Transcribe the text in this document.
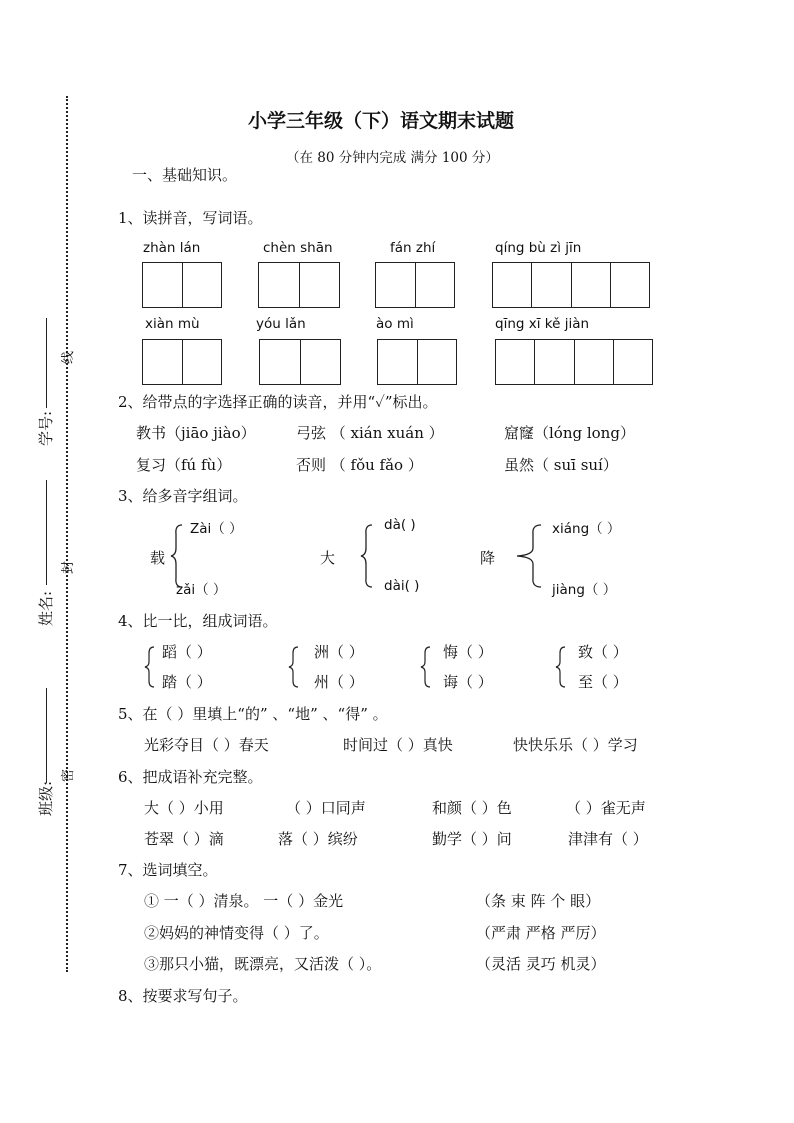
学号:
姓名:
班级:
线
封
密
小学三年级（下）语文期末试题
（在 80 分钟内完成 满分 100 分）
一、基础知识。
1、读拼音，写词语。
zhàn lán	chèn shān	fán zhí	qíng bù zì jīn
xiàn mù	yóu lǎn	ào mì	qīng xī kě jiàn
2、给带点的字选择正确的读音，并用“✓”标出。
教书（jiāo jiào）	弓弦 （ xián xuán ）	窟窿（lóng long）
复习（fú fù）	否则 （ fǒu fǎo ）	虽然（ suī suí）
3、给多音字组词。
Zài（ ）
载
zǎi（ ）
dà( )
大
dài( )
xiáng（ ）
降
jiàng（ ）
4、比一比，组成词语。
蹈（ ）
踏（ ）
洲（ ）
州（ ）
悔（ ）
诲（ ）
致（ ）
至（ ）
5、在（ ）里填上“的” 、“地” 、“得” 。
光彩夺目（ ）春天	时间过（ ）真快	快快乐乐（ ）学习
6、把成语补充完整。
大（ ）小用	（ ）口同声	和颜（ ）色	（ ）雀无声
苍翠（ ）滴	落（ ）缤纷	勤学（ ）问	津津有（ ）
7、选词填空。
① 一（ ）清泉。 一（ ）金光	（条 束 阵 个 眼）
②妈妈的神情变得（ ）了。	（严肃 严格 严厉）
③那只小猫，既漂亮，又活泼（ ）。	（灵活 灵巧 机灵）
8、按要求写句子。
